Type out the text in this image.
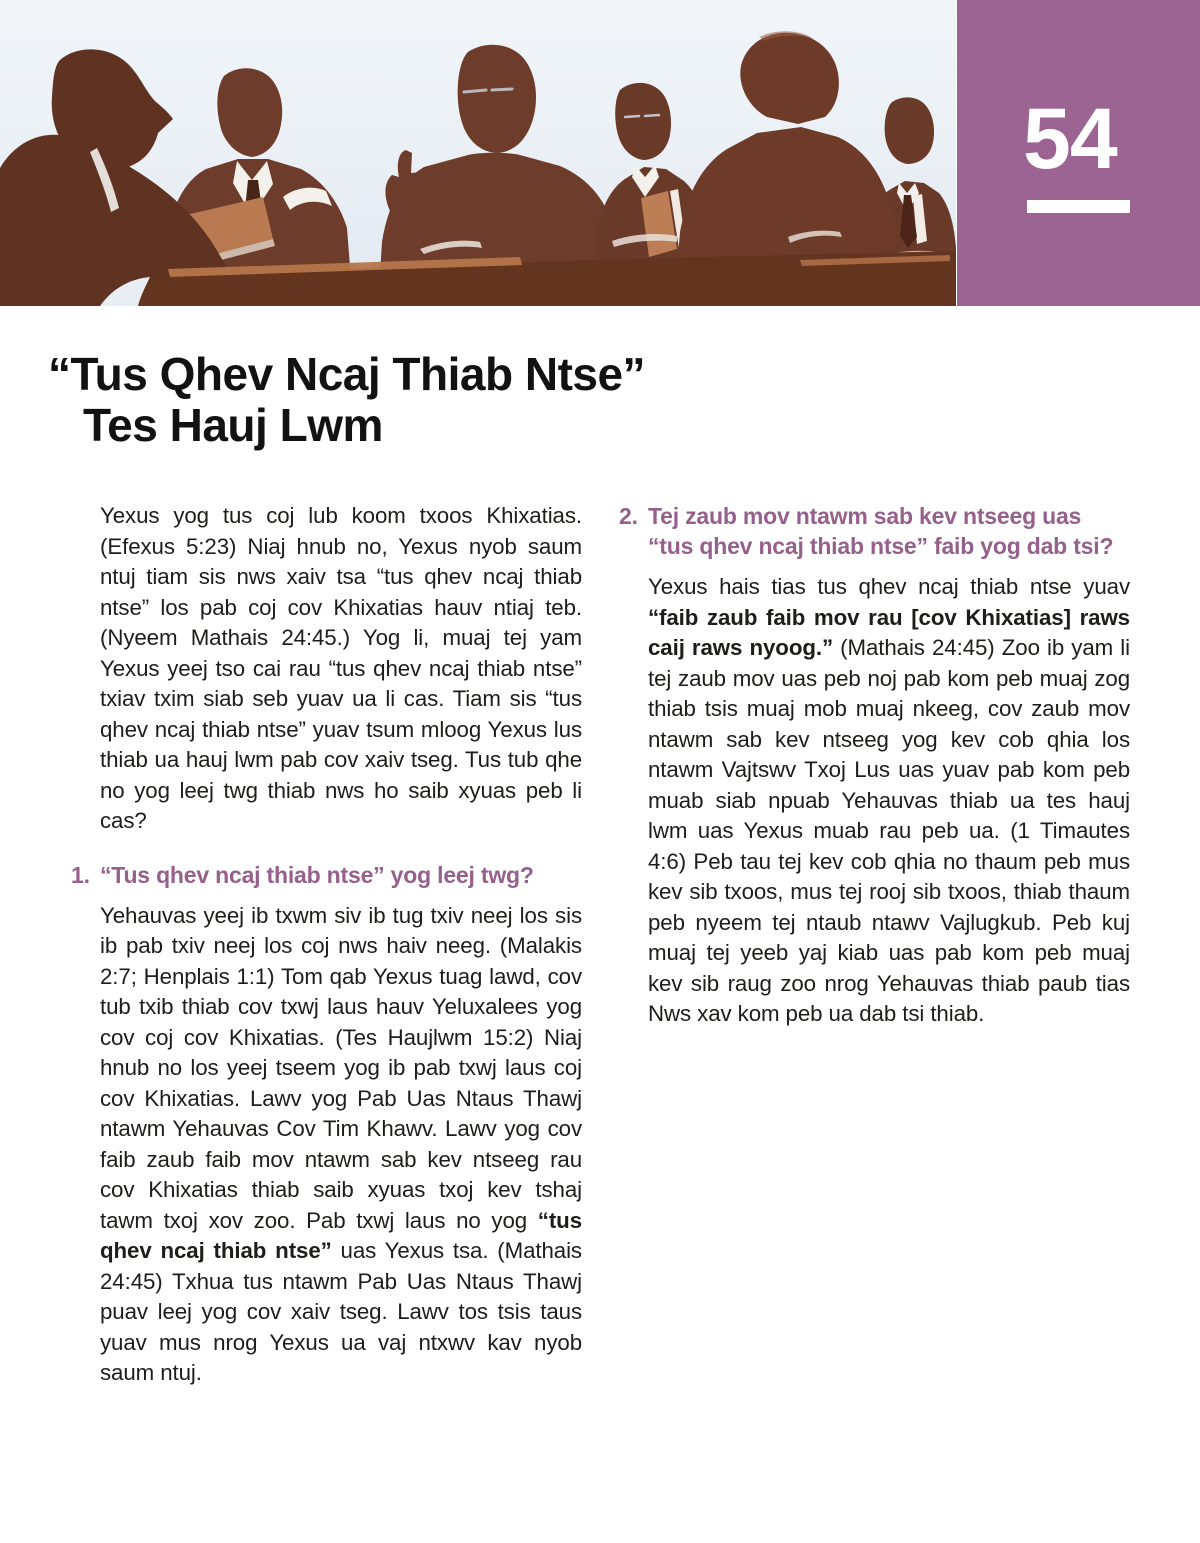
54
“Tus Qhev Ncaj Thiab Ntse”
Tes Hauj Lwm

Yexus yog tus coj lub koom txoos Khixatias. (Efexus 5:23) Niaj hnub no, Yexus nyob saum ntuj tiam sis nws xaiv tsa “tus qhev ncaj thiab ntse” los pab coj cov Khixatias hauv ntiaj teb. (Nyeem Mathais 24:45.) Yog li, muaj tej yam Yexus yeej tso cai rau “tus qhev ncaj thiab ntse” txiav txim siab seb yuav ua li cas. Tiam sis “tus qhev ncaj thiab ntse” yuav tsum mloog Yexus lus thiab ua hauj lwm pab cov xaiv tseg. Tus tub qhe no yog leej twg thiab nws ho saib xyuas peb li cas?

1. “Tus qhev ncaj thiab ntse” yog leej twg?

Yehauvas yeej ib txwm siv ib tug txiv neej los sis ib pab txiv neej los coj nws haiv neeg. (Malakis 2:7; Henplais 1:1) Tom qab Yexus tuag lawd, cov tub txib thiab cov txwj laus hauv Yeluxalees yog cov coj cov Khixatias. (Tes Haujlwm 15:2) Niaj hnub no los yeej tseem yog ib pab txwj laus coj cov Khixatias. Lawv yog Pab Uas Ntaus Thawj ntawm Yehauvas Cov Tim Khawv. Lawv yog cov faib zaub faib mov ntawm sab kev ntseeg rau cov Khixatias thiab saib xyuas txoj kev tshaj tawm txoj xov zoo. Pab txwj laus no yog “tus qhev ncaj thiab ntse” uas Yexus tsa. (Mathais 24:45) Txhua tus ntawm Pab Uas Ntaus Thawj puav leej yog cov xaiv tseg. Lawv tos tsis taus yuav mus nrog Yexus ua vaj ntxwv kav nyob saum ntuj.

2. Tej zaub mov ntawm sab kev ntseeg uas “tus qhev ncaj thiab ntse” faib yog dab tsi?

Yexus hais tias tus qhev ncaj thiab ntse yuav “faib zaub faib mov rau [cov Khixatias] raws caij raws nyoog.” (Mathais 24:45) Zoo ib yam li tej zaub mov uas peb noj pab kom peb muaj zog thiab tsis muaj mob muaj nkeeg, cov zaub mov ntawm sab kev ntseeg yog kev cob qhia los ntawm Vajtswv Txoj Lus uas yuav pab kom peb muab siab npuab Yehauvas thiab ua tes hauj lwm uas Yexus muab rau peb ua. (1 Timautes 4:6) Peb tau tej kev cob qhia no thaum peb mus kev sib txoos, mus tej rooj sib txoos, thiab thaum peb nyeem tej ntaub ntawv Vajlugkub. Peb kuj muaj tej yeeb yaj kiab uas pab kom peb muaj kev sib raug zoo nrog Yehauvas thiab paub tias Nws xav kom peb ua dab tsi thiab.
